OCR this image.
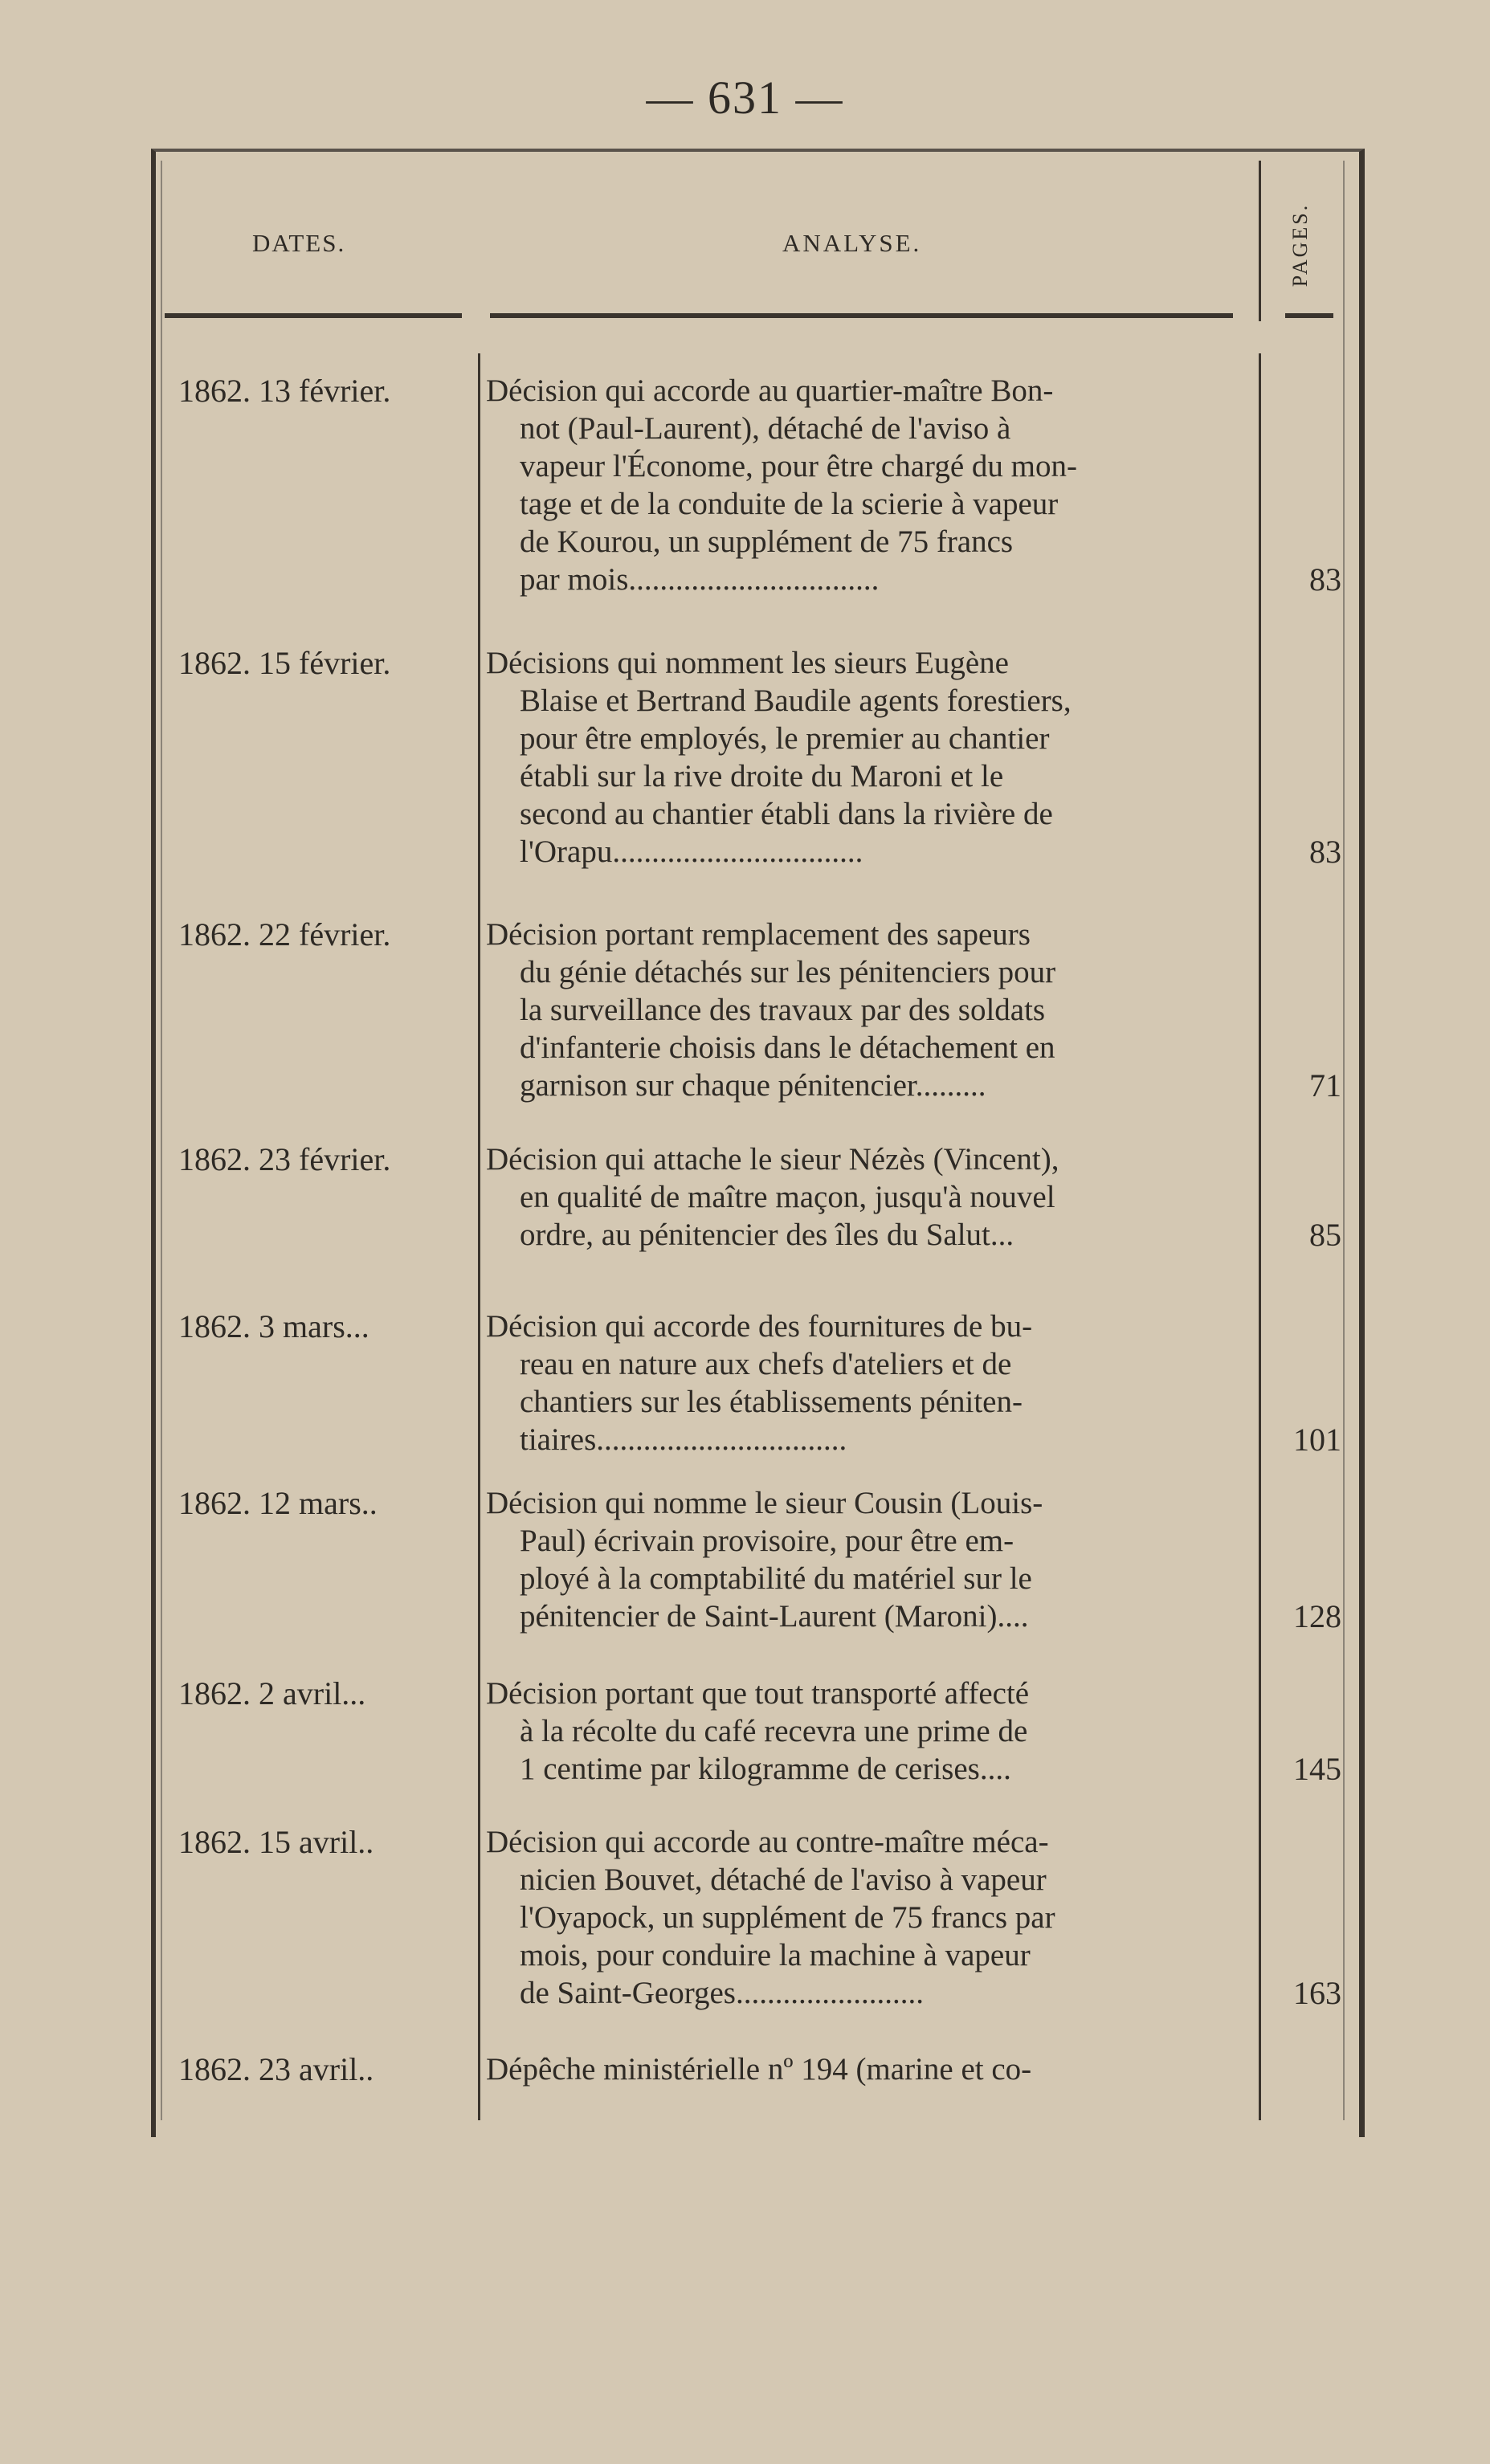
— 631 —
DATES.	ANALYSE.	PAGES.
1862. 13 février.	Décision qui accorde au quartier-maître Bon-
not (Paul-Laurent), détaché de l'aviso à
vapeur l'Économe, pour être chargé du mon-
tage et de la conduite de la scierie à vapeur
de Kourou, un supplément de 75 francs
par mois................................	83
1862. 15 février.	Décisions qui nomment les sieurs Eugène
Blaise et Bertrand Baudile agents forestiers,
pour être employés, le premier au chantier
établi sur la rive droite du Maroni et le
second au chantier établi dans la rivière de
l'Orapu................................	83
1862. 22 février.	Décision portant remplacement des sapeurs
du génie détachés sur les pénitenciers pour
la surveillance des travaux par des soldats
d'infanterie choisis dans le détachement en
garnison sur chaque pénitencier.........	71
1862. 23 février.	Décision qui attache le sieur Nézès (Vincent),
en qualité de maître maçon, jusqu'à nouvel
ordre, au pénitencier des îles du Salut...	85
1862. 3 mars...	Décision qui accorde des fournitures de bu-
reau en nature aux chefs d'ateliers et de
chantiers sur les établissements péniten-
tiaires................................	101
1862. 12 mars..	Décision qui nomme le sieur Cousin (Louis-
Paul) écrivain provisoire, pour être em-
ployé à la comptabilité du matériel sur le
pénitencier de Saint-Laurent (Maroni)....	128
1862. 2 avril...	Décision portant que tout transporté affecté
à la récolte du café recevra une prime de
1 centime par kilogramme de cerises....	145
1862. 15 avril..	Décision qui accorde au contre-maître méca-
nicien Bouvet, détaché de l'aviso à vapeur
l'Oyapock, un supplément de 75 francs par
mois, pour conduire la machine à vapeur
de Saint-Georges........................	163
1862. 23 avril..	Dépêche ministérielle nº 194 (marine et co-
